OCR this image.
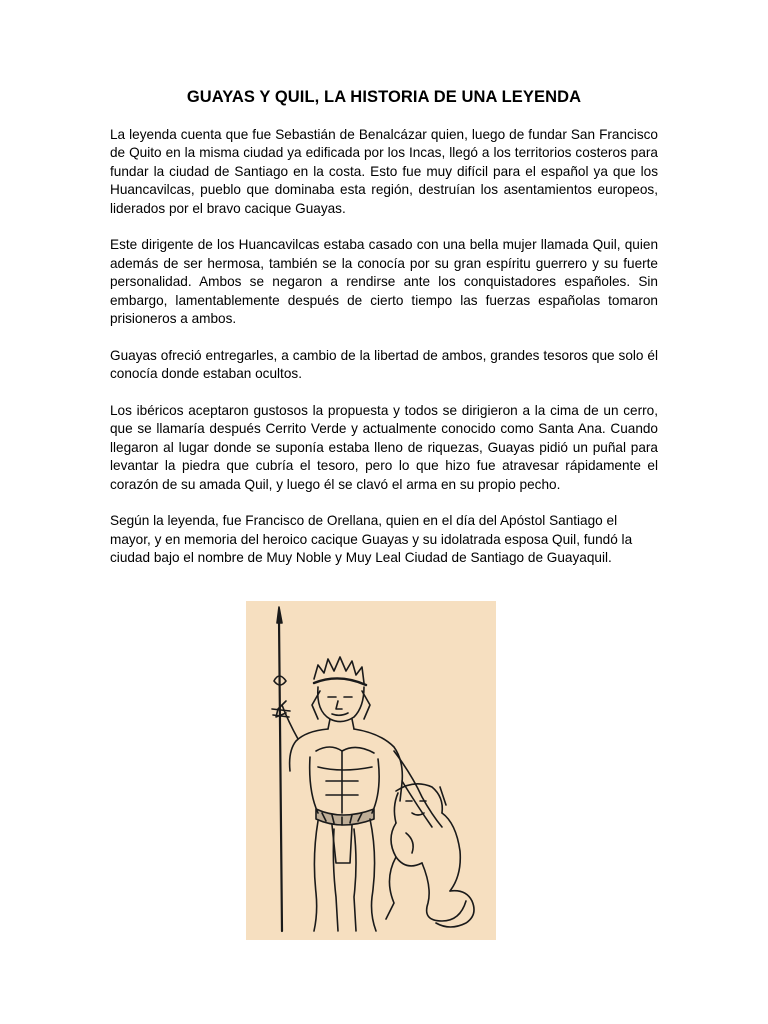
GUAYAS Y QUIL, LA HISTORIA DE UNA LEYENDA

La leyenda cuenta que fue Sebastián de Benalcázar quien, luego de fundar San Francisco de Quito en la misma ciudad ya edificada por los Incas, llegó a los territorios costeros para fundar la ciudad de Santiago en la costa. Esto fue muy difícil para el español ya que los Huancavilcas, pueblo que dominaba esta región, destruían los asentamientos europeos, liderados por el bravo cacique Guayas.

Este dirigente de los Huancavilcas estaba casado con una bella mujer llamada Quil, quien además de ser hermosa, también se la conocía por su gran espíritu guerrero y su fuerte personalidad. Ambos se negaron a rendirse ante los conquistadores españoles. Sin embargo, lamentablemente después de cierto tiempo las fuerzas españolas tomaron prisioneros a ambos.

Guayas ofreció entregarles, a cambio de la libertad de ambos, grandes tesoros que solo él conocía donde estaban ocultos.

Los ibéricos aceptaron gustosos la propuesta y todos se dirigieron a la cima de un cerro, que se llamaría después Cerrito Verde y actualmente conocido como Santa Ana. Cuando llegaron al lugar donde se suponía estaba lleno de riquezas, Guayas pidió un puñal para levantar la piedra que cubría el tesoro, pero lo que hizo fue atravesar rápidamente el corazón de su amada Quil, y luego él se clavó el arma en su propio pecho.

Según la leyenda, fue Francisco de Orellana, quien en el día del Apóstol Santiago el mayor, y en memoria del heroico cacique Guayas y su idolatrada esposa Quil, fundó la ciudad bajo el nombre de Muy Noble y Muy Leal Ciudad de Santiago de Guayaquil.
